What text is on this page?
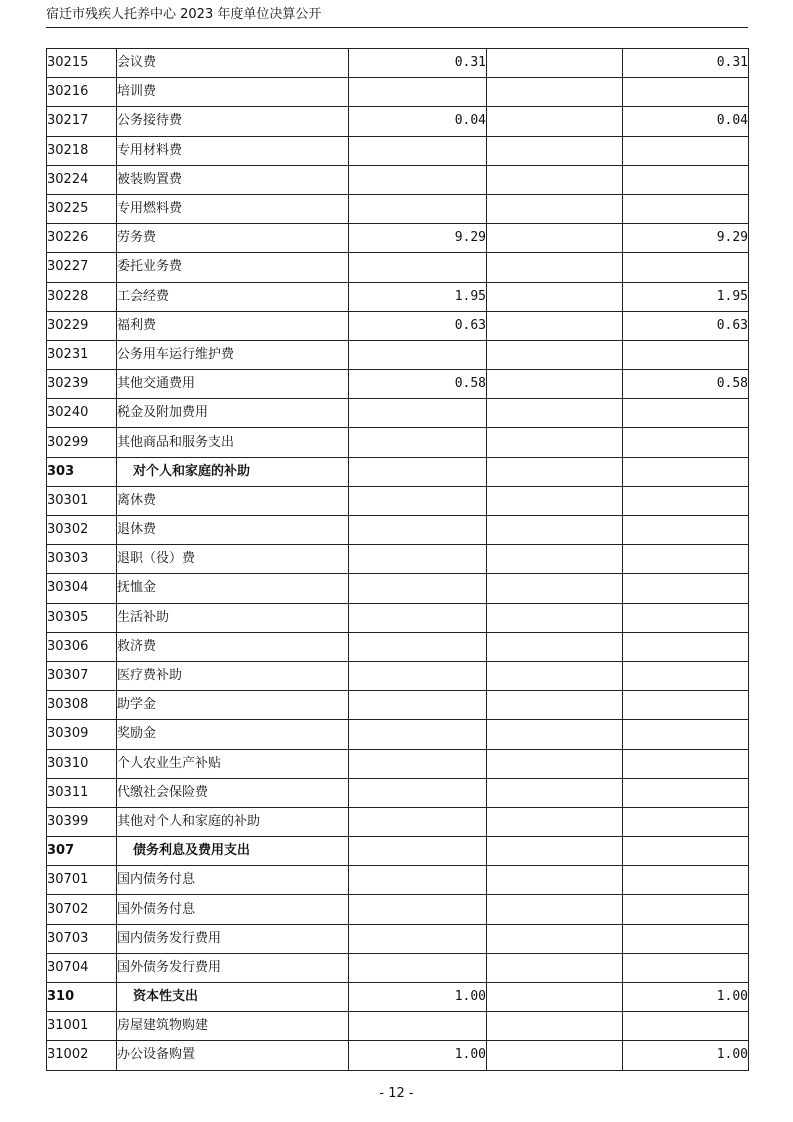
宿迁市残疾人托养中心 2023 年度单位决算公开
30215	会议费	0.31		0.31
30216	培训费			
30217	公务接待费	0.04		0.04
30218	专用材料费			
30224	被装购置费			
30225	专用燃料费			
30226	劳务费	9.29		9.29
30227	委托业务费			
30228	工会经费	1.95		1.95
30229	福利费	0.63		0.63
30231	公务用车运行维护费			
30239	其他交通费用	0.58		0.58
30240	税金及附加费用			
30299	其他商品和服务支出			
303	对个人和家庭的补助			
30301	离休费			
30302	退休费			
30303	退职（役）费			
30304	抚恤金			
30305	生活补助			
30306	救济费			
30307	医疗费补助			
30308	助学金			
30309	奖励金			
30310	个人农业生产补贴			
30311	代缴社会保险费			
30399	其他对个人和家庭的补助			
307	债务利息及费用支出			
30701	国内债务付息			
30702	国外债务付息			
30703	国内债务发行费用			
30704	国外债务发行费用			
310	资本性支出	1.00		1.00
31001	房屋建筑物购建			
31002	办公设备购置	1.00		1.00
- 12 -
